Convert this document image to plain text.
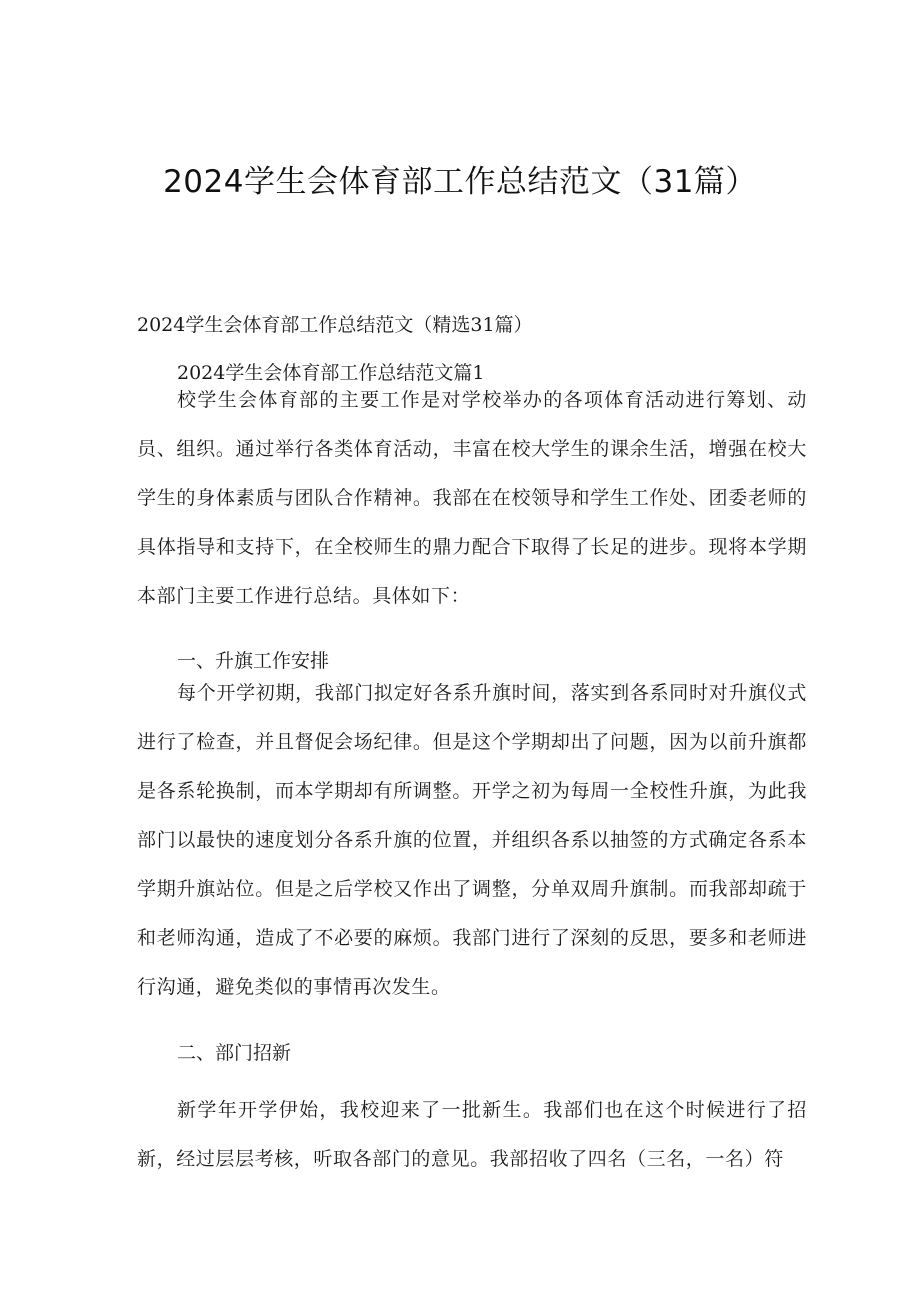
2024学生会体育部工作总结范文（31篇）
2024学生会体育部工作总结范文（精选31篇）
2024学生会体育部工作总结范文篇1
校学生会体育部的主要工作是对学校举办的各项体育活动进行筹划、动员、组织。通过举行各类体育活动，丰富在校大学生的课余生活，增强在校大学生的身体素质与团队合作精神。我部在在校领导和学生工作处、团委老师的具体指导和支持下，在全校师生的鼎力配合下取得了长足的进步。现将本学期本部门主要工作进行总结。具体如下：
一、升旗工作安排
每个开学初期，我部门拟定好各系升旗时间，落实到各系同时对升旗仪式进行了检查，并且督促会场纪律。但是这个学期却出了问题，因为以前升旗都是各系轮换制，而本学期却有所调整。开学之初为每周一全校性升旗，为此我部门以最快的速度划分各系升旗的位置，并组织各系以抽签的方式确定各系本学期升旗站位。但是之后学校又作出了调整，分单双周升旗制。而我部却疏于和老师沟通，造成了不必要的麻烦。我部门进行了深刻的反思，要多和老师进行沟通，避免类似的事情再次发生。
二、部门招新
新学年开学伊始，我校迎来了一批新生。我部们也在这个时候进行了招新，经过层层考核，听取各部门的意见。我部招收了四名（三名，一名）符
